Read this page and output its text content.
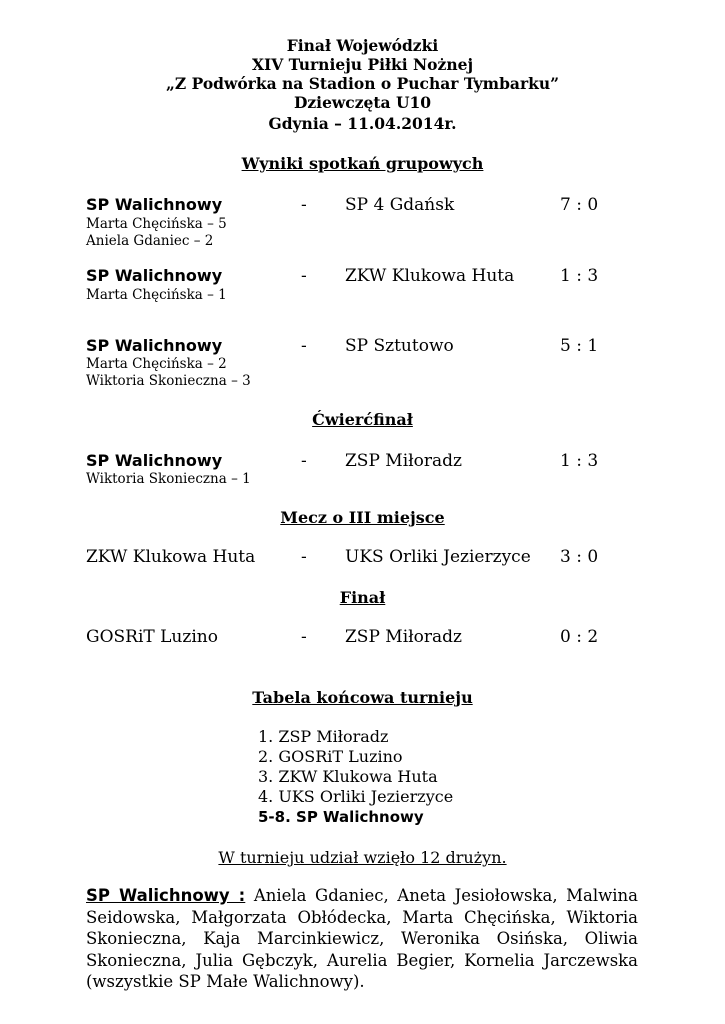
Finał Wojewódzki
XIV Turnieju Piłki Nożnej
„Z Podwórka na Stadion o Puchar Tymbarku”
Dziewczęta U10
Gdynia – 11.04.2014r.
Wyniki spotkań grupowych
SP Walichnowy	- SP 4 Gdańsk	7 : 0
Marta Chęcińska – 5
Aniela Gdaniec – 2
SP Walichnowy	- ZKW Klukowa Huta	1 : 3
Marta Chęcińska – 1
SP Walichnowy	- SP Sztutowo	5 : 1
Marta Chęcińska – 2
Wiktoria Skonieczna – 3
Ćwierćfinał
SP Walichnowy	- ZSP Miłoradz	1 : 3
Wiktoria Skonieczna – 1
Mecz o III miejsce
ZKW Klukowa Huta	- UKS Orliki Jezierzyce 3 : 0
Finał
GOSRiT Luzino	- ZSP Miłoradz	0 : 2
Tabela końcowa turnieju
1. ZSP Miłoradz
2. GOSRiT Luzino
3. ZKW Klukowa Huta
4. UKS Orliki Jezierzyce
5-8. SP Walichnowy
W turnieju udział wzięło 12 drużyn.
SP Walichnowy : Aniela Gdaniec, Aneta Jesiołowska, Malwina Seidowska, Małgorzata Obłódecka, Marta Chęcińska, Wiktoria Skonieczna, Kaja Marcinkiewicz, Weronika Osińska, Oliwia Skonieczna, Julia Gębczyk, Aurelia Begier, Kornelia Jarczewska (wszystkie SP Małe Walichnowy).
